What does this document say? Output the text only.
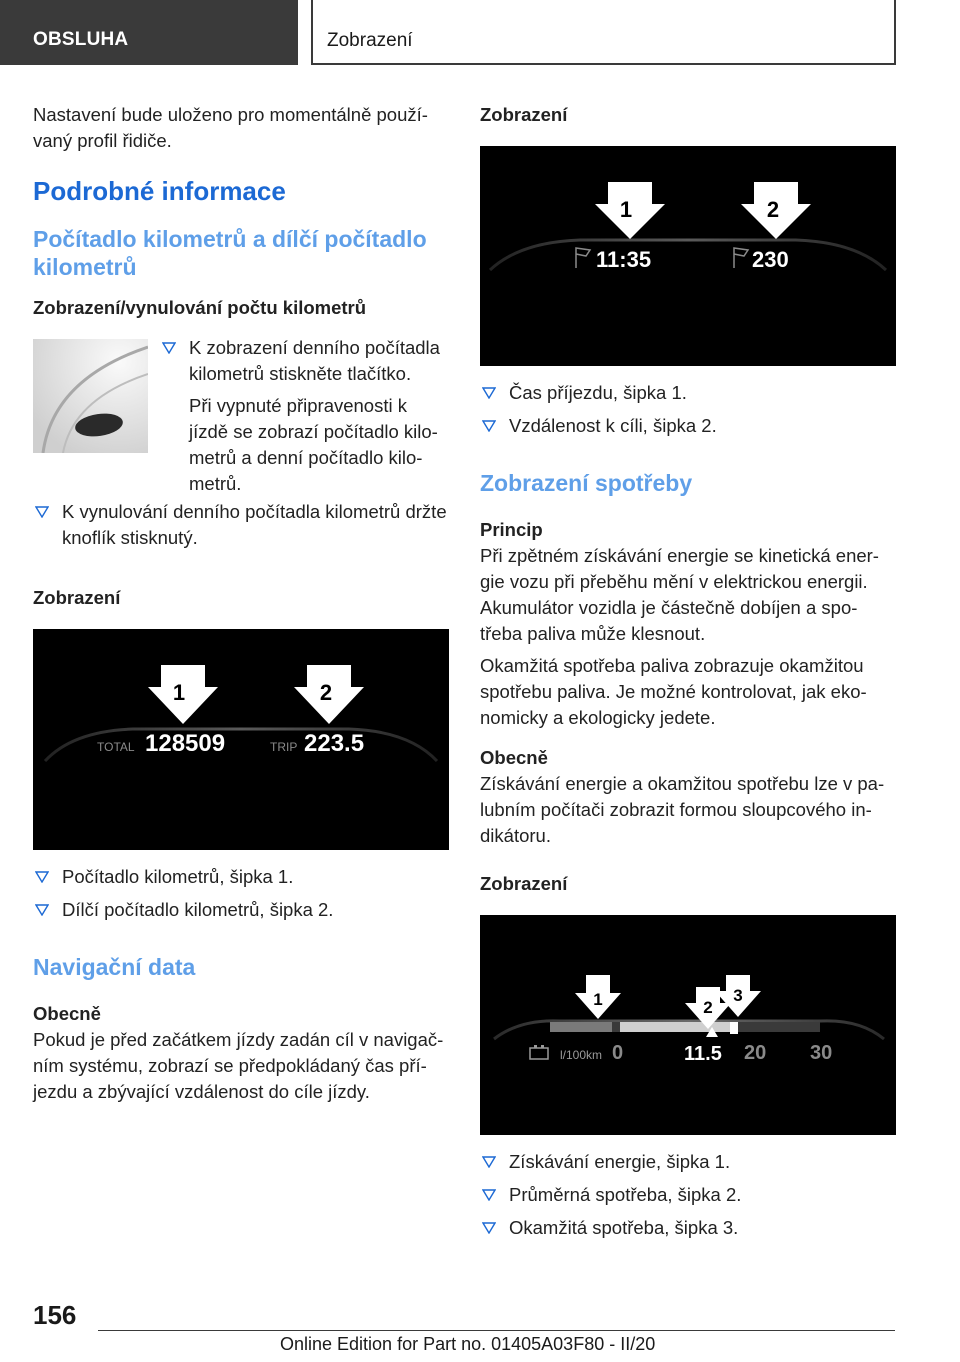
OBSLUHA	Zobrazení

Nastavení bude uloženo pro momentálně použí-vaný profil řidiče.

Podrobné informace
Počítadlo kilometrů a dílčí počítadlo kilometrů
Zobrazení/vynulování počtu kilometrů
K zobrazení denního počítadla kilometrů stiskněte tlačítko.

Při vypnuté připravenosti k jízdě se zobrazí počítadlo kilo-metrů a denní počítadlo kilo-metrů.

K vynulování denního počítadla kilometrů držte knoflík stisknutý.
Zobrazení
1	2
TOTAL 128509	TRIP 223.5
Počítadlo kilometrů, šipka 1.
Dílčí počítadlo kilometrů, šipka 2.
Navigační data
Obecně

Pokud je před začátkem jízdy zadán cíl v navigač-ním systému, zobrazí se předpokládaný čas pří-jezdu a zbývající vzdálenost do cíle jízdy.

Zobrazení
1	2
11:35	230
Čas příjezdu, šipka 1.
Vzdálenost k cíli, šipka 2.
Zobrazení spotřeby
Princip

Při zpětném získávání energie se kinetická ener-gie vozu při přeběhu mění v elektrickou energii. Akumulátor vozidla je částečně dobíjen a spo-třeba paliva může klesnout.

Okamžitá spotřeba paliva zobrazuje okamžitou spotřebu paliva. Je možné kontrolovat, jak eko-nomicky a ekologicky jedete.

Obecně

Získávání energie a okamžitou spotřebu lze v pa-lubním počítači zobrazit formou sloupcového in-dikátoru.

Zobrazení
1	2
3
l/100km 0	11.5 20 30
Získávání energie, šipka 1.
Průměrná spotřeba, šipka 2.
Okamžitá spotřeba, šipka 3.
156
Online Edition for Part no. 01405A03F80 - II/20
